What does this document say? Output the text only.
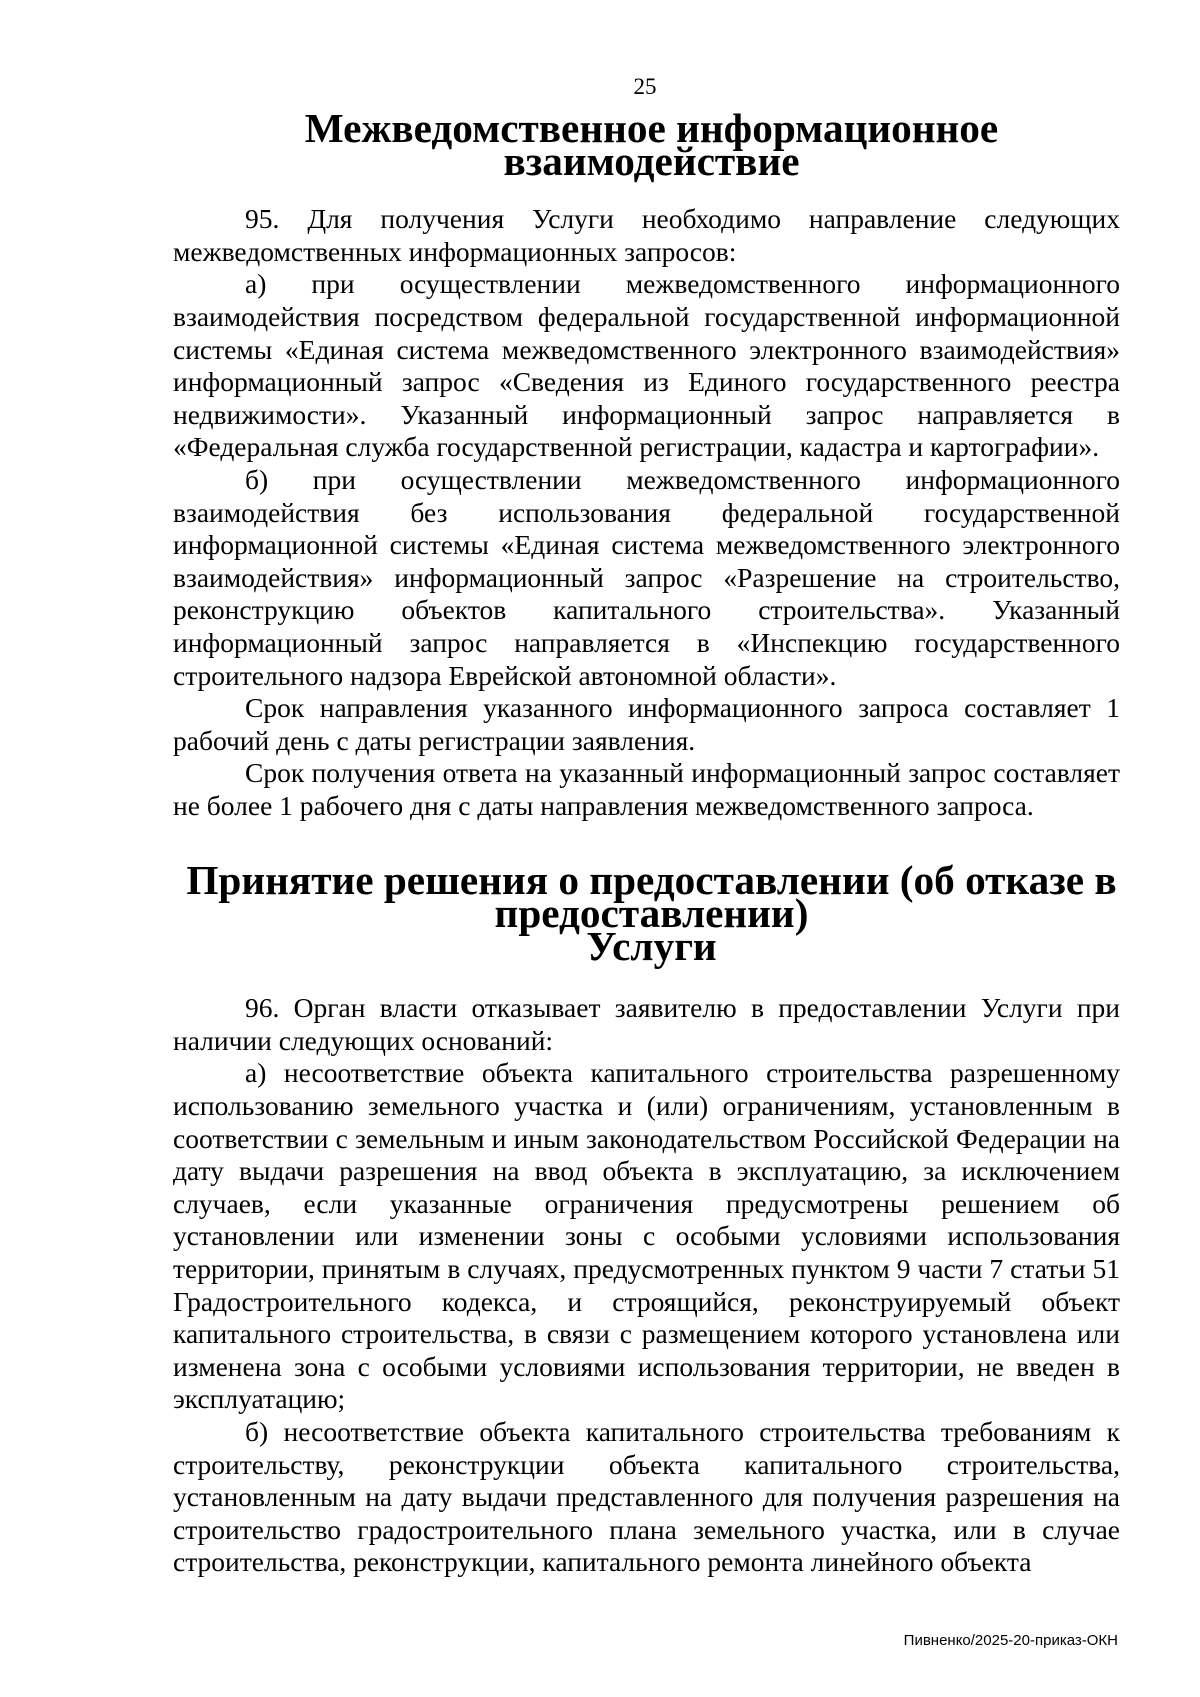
25
Межведомственное информационное взаимодействие

95. Для получения Услуги необходимо направление следующих межведомственных информационных запросов:

а) при осуществлении межведомственного информационного взаимодействия посредством федеральной государственной информационной системы «Единая система межведомственного электронного взаимодействия» информационный запрос «Сведения из Единого государственного реестра недвижимости». Указанный информационный запрос направляется в «Федеральная служба государственной регистрации, кадастра и картографии».

б) при осуществлении межведомственного информационного взаимодействия без использования федеральной государственной информационной системы «Единая система межведомственного электронного взаимодействия» информационный запрос «Разрешение на строительство, реконструкцию объектов капитального строительства». Указанный информационный запрос направляется в «Инспекцию государственного строительного надзора Еврейской автономной области».

Срок направления указанного информационного запроса составляет 1 рабочий день с даты регистрации заявления.

Срок получения ответа на указанный информационный запрос составляет не более 1 рабочего дня с даты направления межведомственного запроса.

Принятие решения о предоставлении (об отказе в предоставлении)
Услуги

96. Орган власти отказывает заявителю в предоставлении Услуги при наличии следующих оснований:

а) несоответствие объекта капитального строительства разрешенному использованию земельного участка и (или) ограничениям, установленным в соответствии с земельным и иным законодательством Российской Федерации на дату выдачи разрешения на ввод объекта в эксплуатацию, за исключением случаев, если указанные ограничения предусмотрены решением об установлении или изменении зоны с особыми условиями использования территории, принятым в случаях, предусмотренных пунктом 9 части 7 статьи 51 Градостроительного кодекса, и строящийся, реконструируемый объект капитального строительства, в связи с размещением которого установлена или изменена зона с особыми условиями использования территории, не введен в эксплуатацию;

б) несоответствие объекта капитального строительства требованиям к строительству, реконструкции объекта капитального строительства, установленным на дату выдачи представленного для получения разрешения на строительство градостроительного плана земельного участка, или в случае строительства, реконструкции, капитального ремонта линейного объекта

Пивненко/2025-20-приказ-ОКН
